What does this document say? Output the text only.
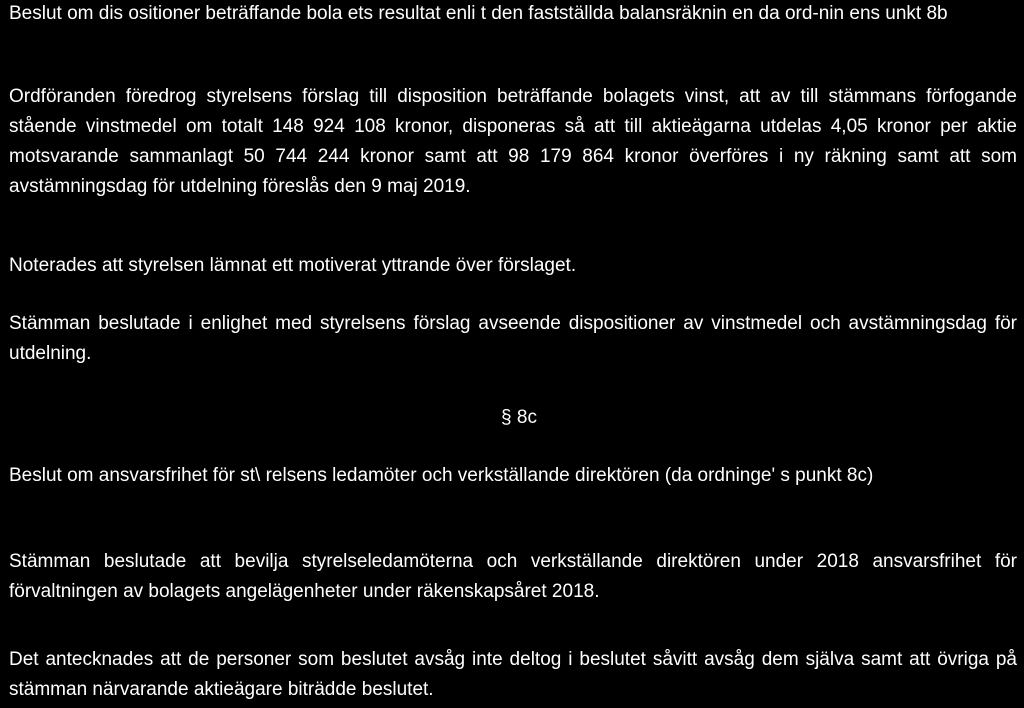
Beslut om dis ositioner beträffande bola ets resultat enli t den fastställda balansräknin en da ord-nin ens unkt 8b

Ordföranden föredrog styrelsens förslag till disposition beträffande bolagets vinst, att av till stämmans förfogande stående vinstmedel om totalt 148 924 108 kronor, disponeras så att till aktieägarna utdelas 4,05 kronor per aktie motsvarande sammanlagt 50 744 244 kronor samt att 98 179 864 kronor överföres i ny räkning samt att som avstämningsdag för utdelning föreslås den 9 maj 2019.

Noterades att styrelsen lämnat ett motiverat yttrande över förslaget.

Stämman beslutade i enlighet med styrelsens förslag avseende dispositioner av vinstmedel och avstämningsdag för utdelning.

§ 8c

Beslut om ansvarsfrihet för st\ relsens ledamöter och verkställande direktören (da ordninge' s punkt 8c)

Stämman beslutade att bevilja styrelseledamöterna och verkställande direktören under 2018 ansvarsfrihet för förvaltningen av bolagets angelägenheter under räkenskapsåret 2018.

Det antecknades att de personer som beslutet avsåg inte deltog i beslutet såvitt avsåg dem själva samt att övriga på stämman närvarande aktieägare biträdde beslutet.
